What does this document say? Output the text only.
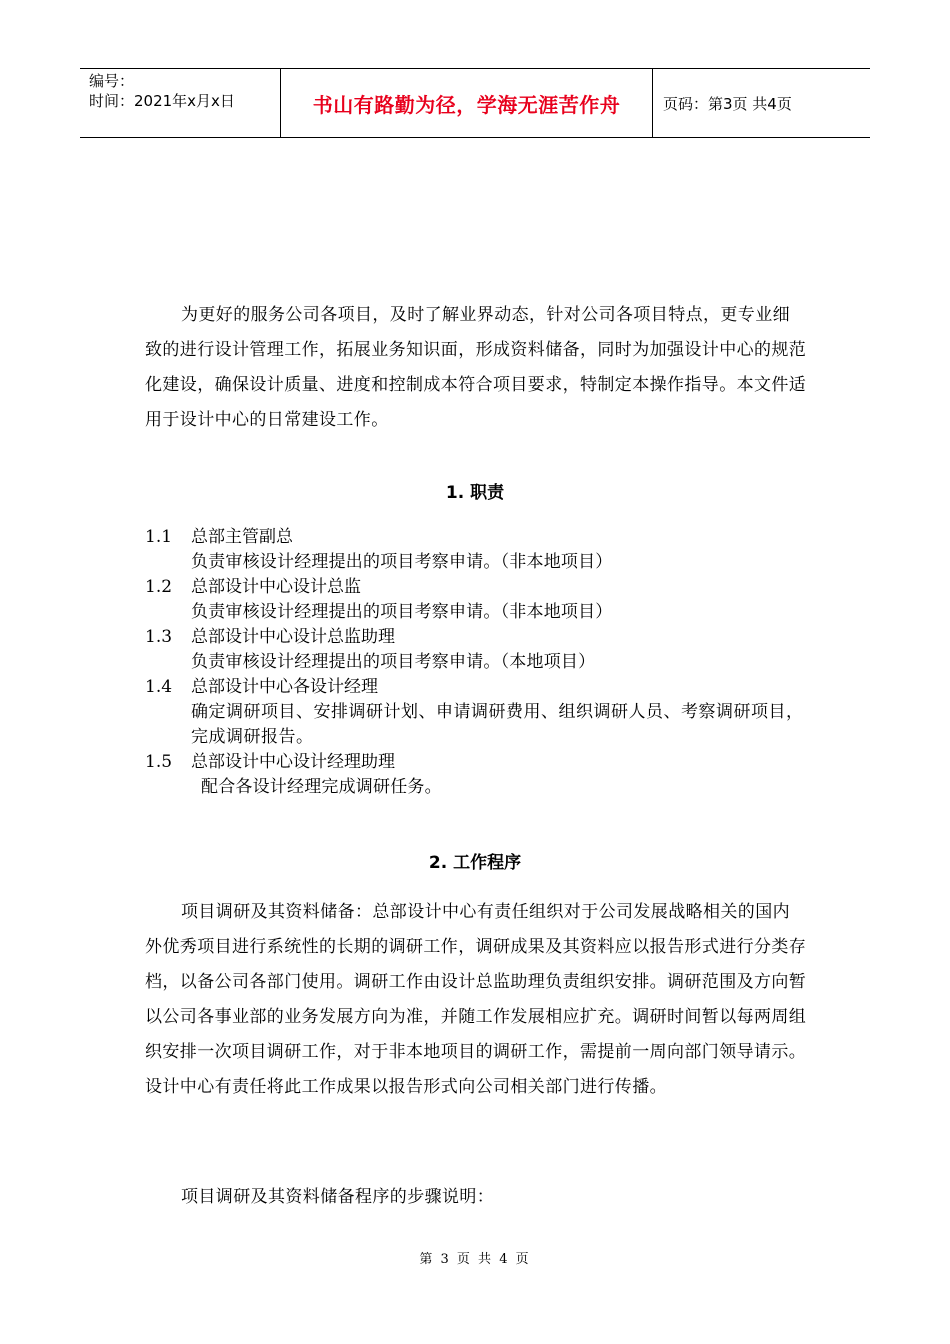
编号：
时间：2021年x月x日	书山有路勤为径，学海无涯苦作舟	页码：第3页 共4页

为更好的服务公司各项目，及时了解业界动态，针对公司各项目特点，更专业细致的进行设计管理工作，拓展业务知识面，形成资料储备，同时为加强设计中心的规范化建设，确保设计质量、进度和控制成本符合项目要求，特制定本操作指导。本文件适用于设计中心的日常建设工作。

1. 职责
1.1	总部主管副总
负责审核设计经理提出的项目考察申请。（非本地项目）
1.2	总部设计中心设计总监
负责审核设计经理提出的项目考察申请。（非本地项目）
1.3	总部设计中心设计总监助理
负责审核设计经理提出的项目考察申请。（本地项目）
1.4	总部设计中心各设计经理
确定调研项目、安排调研计划、申请调研费用、组织调研人员、考察调研项目，完成调研报告。
1.5	总部设计中心设计经理助理
配合各设计经理完成调研任务。
2. 工作程序

项目调研及其资料储备：总部设计中心有责任组织对于公司发展战略相关的国内外优秀项目进行系统性的长期的调研工作，调研成果及其资料应以报告形式进行分类存档，以备公司各部门使用。调研工作由设计总监助理负责组织安排。调研范围及方向暂以公司各事业部的业务发展方向为准，并随工作发展相应扩充。调研时间暂以每两周组织安排一次项目调研工作，对于非本地项目的调研工作，需提前一周向部门领导请示。设计中心有责任将此工作成果以报告形式向公司相关部门进行传播。

项目调研及其资料储备程序的步骤说明：

第 3 页 共 4 页
